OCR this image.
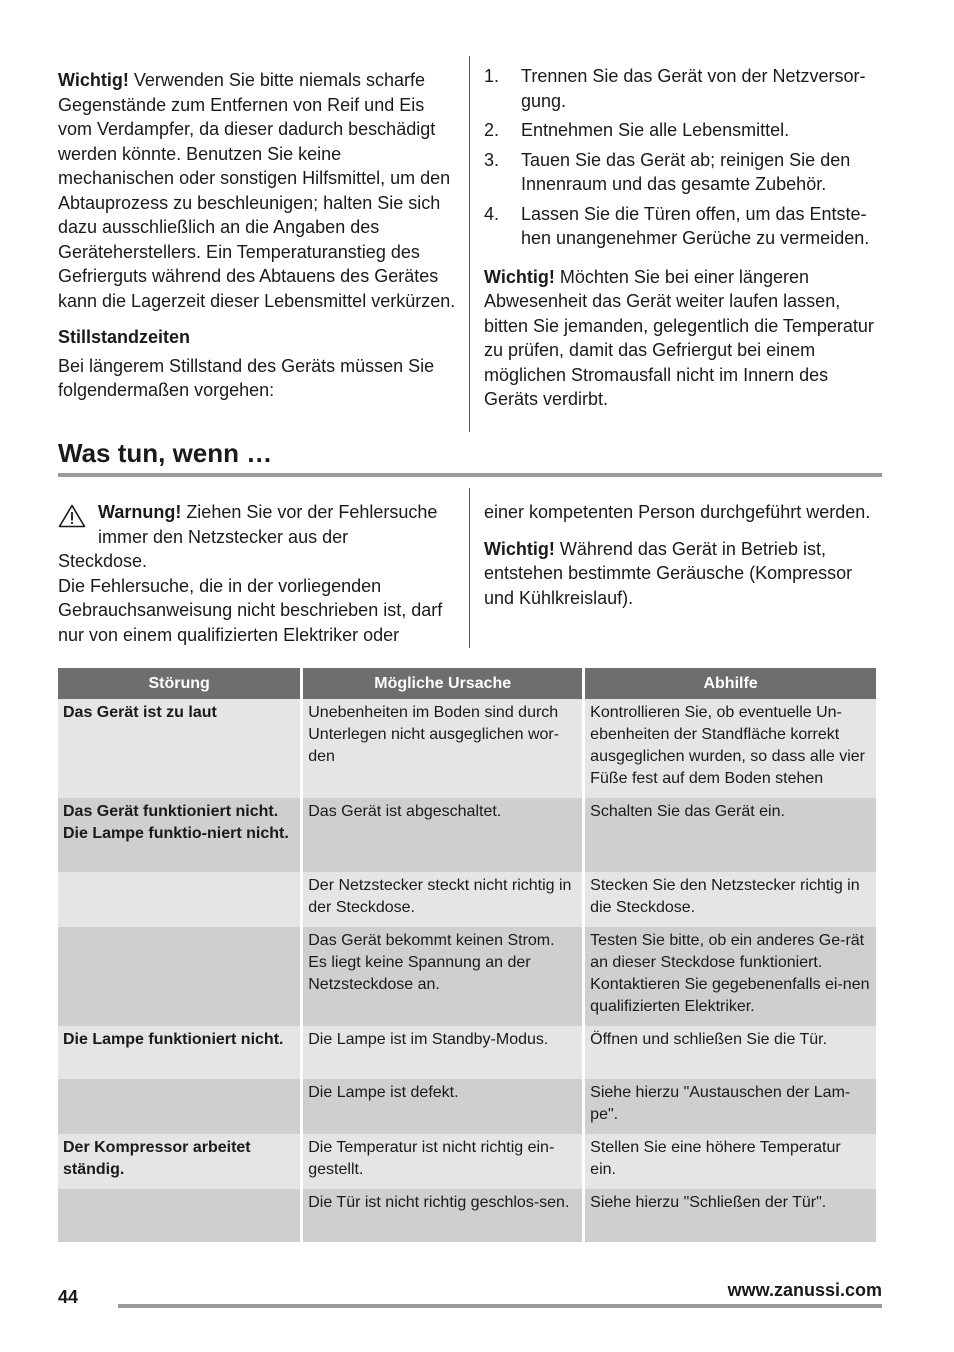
Wichtig! Verwenden Sie bitte niemals scharfe Gegenstände zum Entfernen von Reif und Eis vom Verdampfer, da dieser dadurch beschädigt werden könnte. Benutzen Sie keine mechanischen oder sonstigen Hilfsmittel, um den Abtauprozess zu beschleunigen; halten Sie sich dazu ausschließlich an die Angaben des Geräteherstellers. Ein Temperaturanstieg des Gefrierguts während des Abtauens des Gerätes kann die Lagerzeit dieser Lebensmittel verkürzen.

Stillstandzeiten

Bei längerem Stillstand des Geräts müssen Sie folgendermaßen vorgehen:

1. Trennen Sie das Gerät von der Netzversor-gung.
2. Entnehmen Sie alle Lebensmittel.
3. Tauen Sie das Gerät ab; reinigen Sie den Innenraum und das gesamte Zubehör.
4. Lassen Sie die Türen offen, um das Entste-hen unangenehmer Gerüche zu vermeiden.

Wichtig! Möchten Sie bei einer längeren Abwesenheit das Gerät weiter laufen lassen, bitten Sie jemanden, gelegentlich die Temperatur zu prüfen, damit das Gefriergut bei einem möglichen Stromausfall nicht im Innern des Geräts verdirbt.

Was tun, wenn …

Warnung! Ziehen Sie vor der Fehlersuche immer den Netzstecker aus der

Steckdose.

Die Fehlersuche, die in der vorliegenden Gebrauchsanweisung nicht beschrieben ist, darf nur von einem qualifizierten Elektriker oder

einer kompetenten Person durchgeführt werden.

Wichtig! Während das Gerät in Betrieb ist, entstehen bestimmte Geräusche (Kompressor und Kühlkreislauf).

Störung	Mögliche Ursache	Abhilfe
Das Gerät ist zu laut	Unebenheiten im Boden sind durch Unterlegen nicht ausgeglichen wor-den	Kontrollieren Sie, ob eventuelle Un-ebenheiten der Standfläche korrekt ausgeglichen wurden, so dass alle vier Füße fest auf dem Boden stehen
Das Gerät funktioniert nicht. Die Lampe funktio-niert nicht.	Das Gerät ist abgeschaltet.	Schalten Sie das Gerät ein.
	Der Netzstecker steckt nicht richtig in der Steckdose.	Stecken Sie den Netzstecker richtig in die Steckdose.
	Das Gerät bekommt keinen Strom. Es liegt keine Spannung an der Netzsteckdose an.	Testen Sie bitte, ob ein anderes Ge-rät an dieser Steckdose funktioniert. Kontaktieren Sie gegebenenfalls ei-nen qualifizierten Elektriker.
Die Lampe funktioniert nicht.	Die Lampe ist im Standby-Modus.	Öffnen und schließen Sie die Tür.
	Die Lampe ist defekt.	Siehe hierzu "Austauschen der Lam-pe".
Der Kompressor arbeitet ständig.	Die Temperatur ist nicht richtig ein-gestellt.	Stellen Sie eine höhere Temperatur ein.
	Die Tür ist nicht richtig geschlos-sen.	Siehe hierzu "Schließen der Tür".

44	www.zanussi.com
